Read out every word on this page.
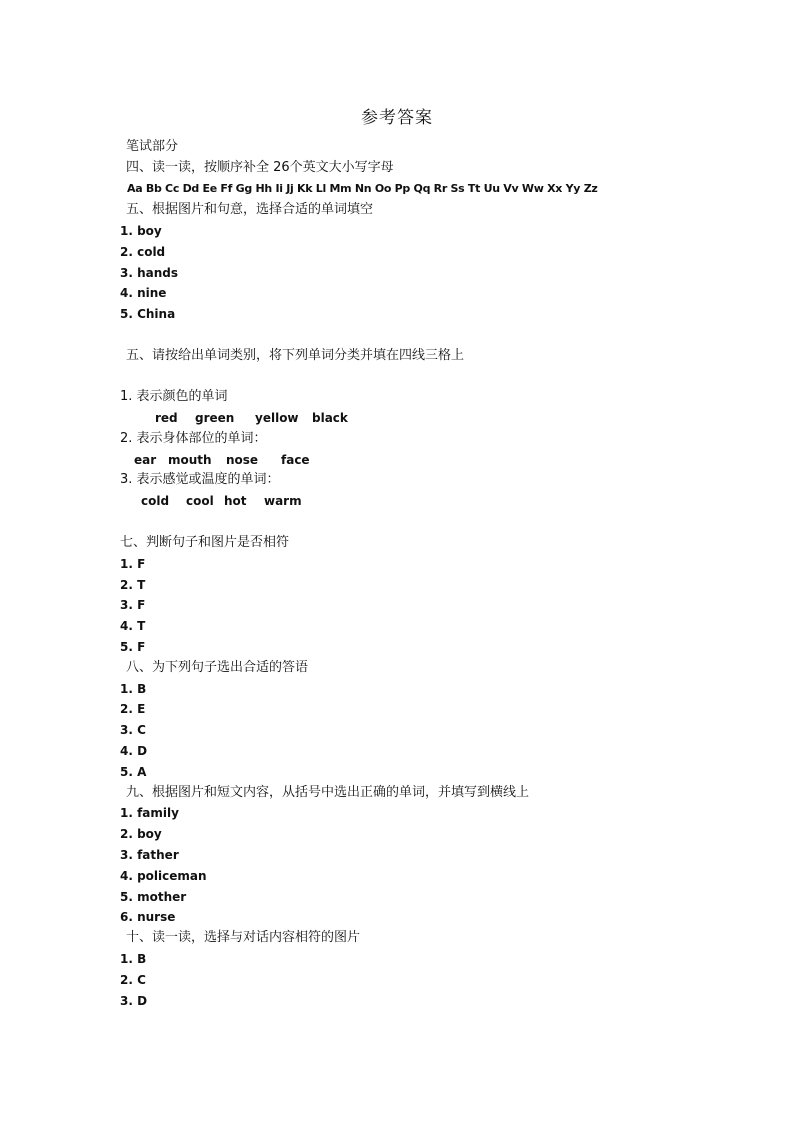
参考答案
笔试部分
四、读一读，按顺序补全 26个英文大小写字母
Aa Bb Cc Dd Ee Ff Gg Hh Ii Jj Kk Ll Mm Nn Oo Pp Qq Rr Ss Tt Uu Vv Ww Xx Yy Zz
五、根据图片和句意，选择合适的单词填空
1. boy
2. cold
3. hands
4. nine
5. China
五、请按给出单词类别，将下列单词分类并填在四线三格上
1. 表示颜色的单词
red green yellow black
2. 表示身体部位的单词：
ear mouth nose face
3. 表示感觉或温度的单词：
cold cool hot warm
七、判断句子和图片是否相符
1. F
2. T
3. F
4. T
5. F
八、为下列句子选出合适的答语
1. B
2. E
3. C
4. D
5. A
九、根据图片和短文内容，从括号中选出正确的单词，并填写到横线上
1. family
2. boy
3. father
4. policeman
5. mother
6. nurse
十、读一读，选择与对话内容相符的图片
1. B
2. C
3. D
